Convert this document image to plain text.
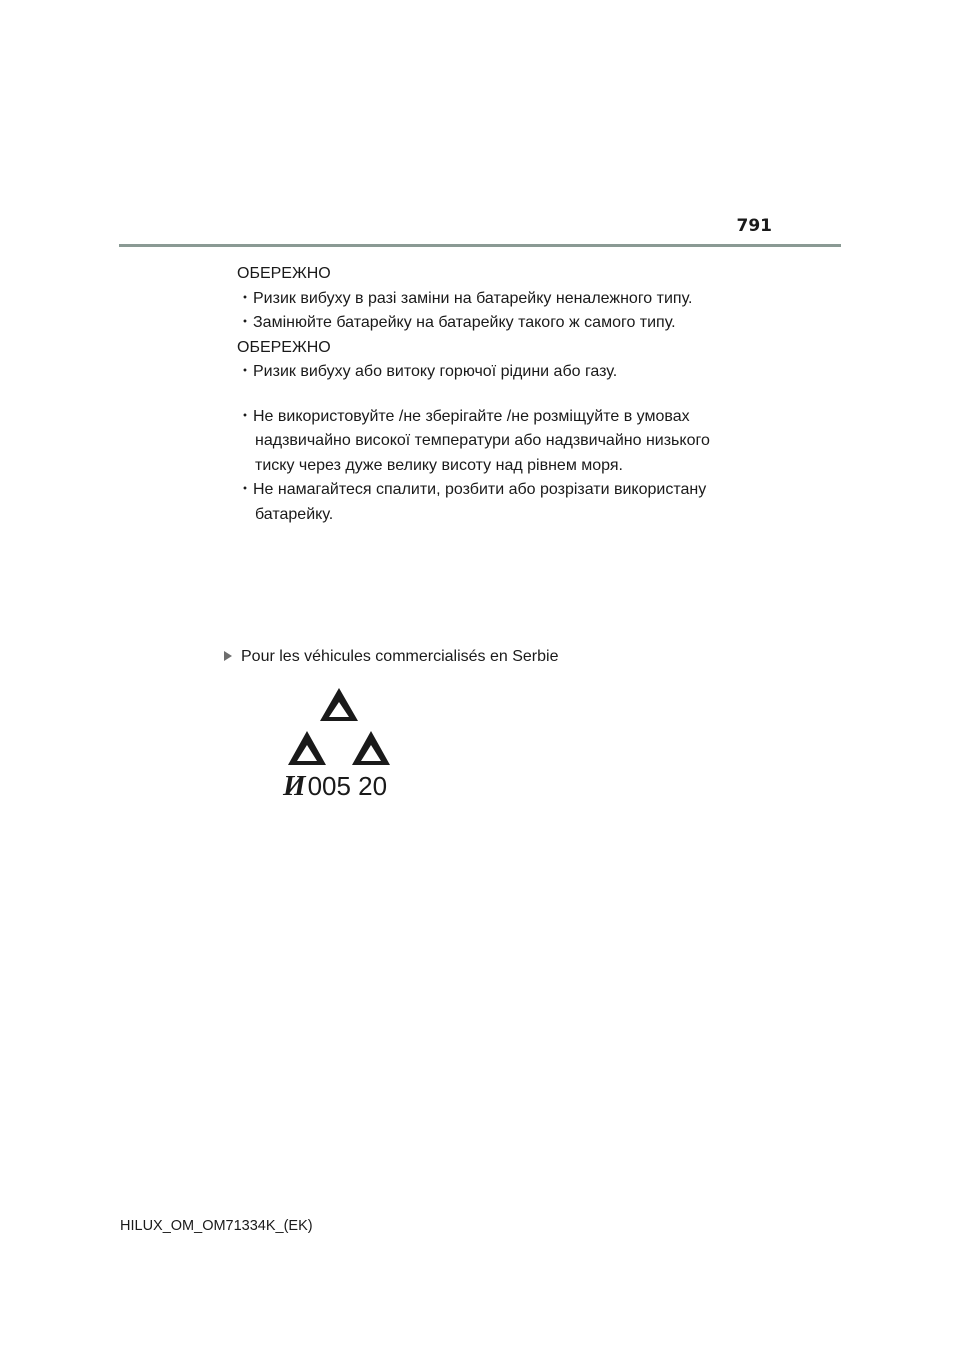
791
ОБЕРЕЖНО
・Ризик вибуху в разі заміни на батарейку неналежного типу.
・Замінюйте батарейку на батарейку такого ж самого типу.
ОБЕРЕЖНО
・Ризик вибуху або витоку горючої рідини або газу.
・Не використовуйте /не зберігайте /не розміщуйте в умовах
надзвичайно високої температури або надзвичайно низького
тиску через дуже велику висоту над рівнем моря.
・Не намагайтеся спалити, розбити або розрізати використану
батарейку.
Pour les véhicules commercialisés en Serbie
И005 20
HILUX_OM_OM71334K_(EK)
